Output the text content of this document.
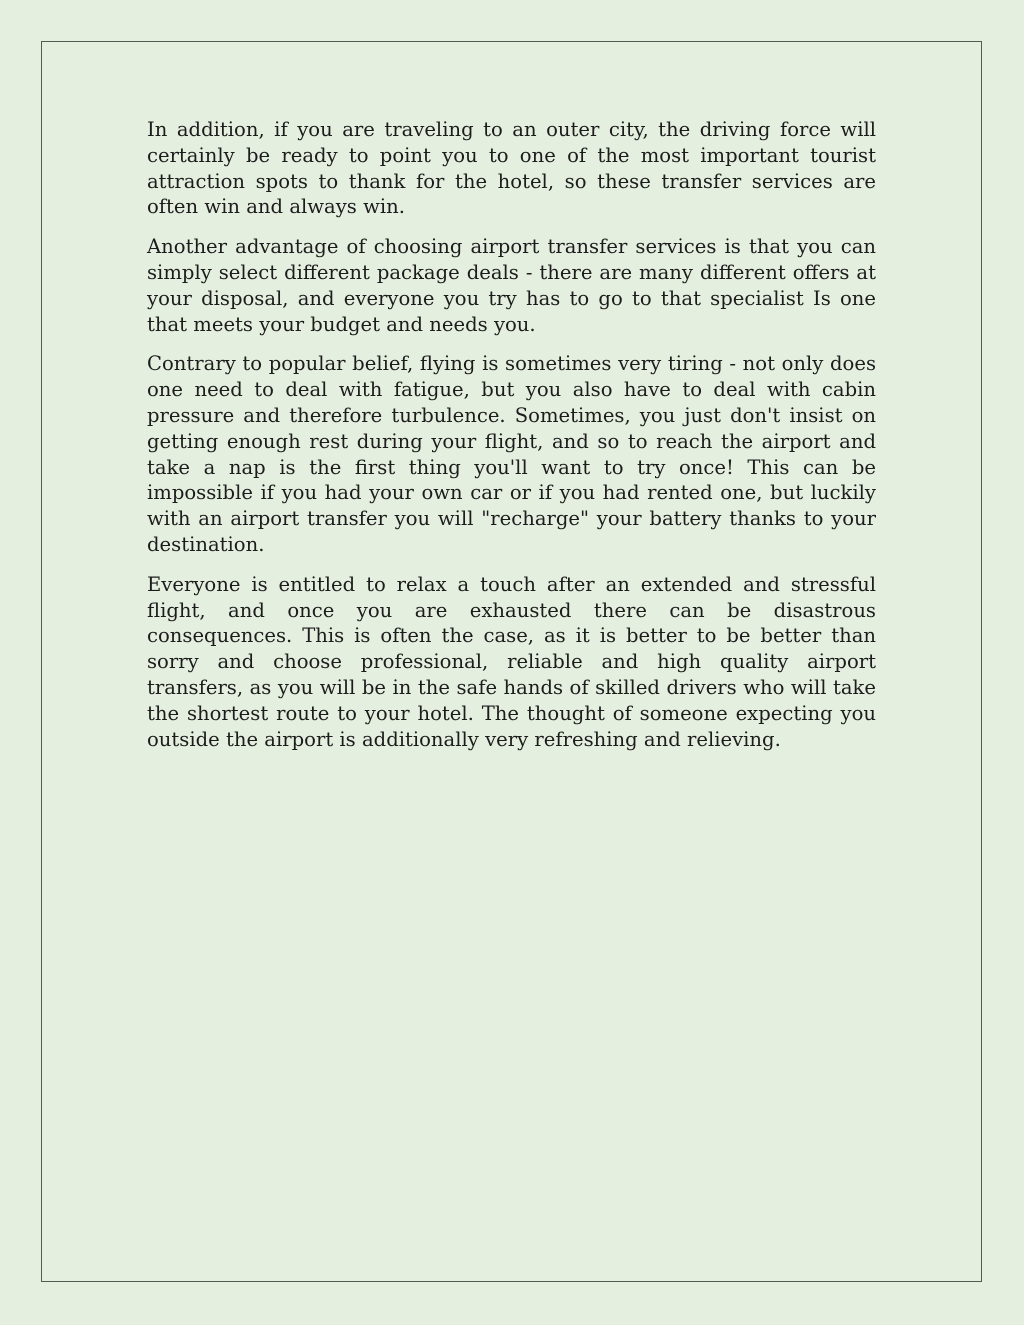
In addition, if you are traveling to an outer city, the driving force will certainly be ready to point you to one of the most important tourist attraction spots to thank for the hotel, so these transfer services are often win and always win.

Another advantage of choosing airport transfer services is that you can simply select different package deals - there are many different offers at your disposal, and everyone you try has to go to that specialist Is one that meets your budget and needs you.

Contrary to popular belief, flying is sometimes very tiring - not only does one need to deal with fatigue, but you also have to deal with cabin pressure and therefore turbulence. Sometimes, you just don't insist on getting enough rest during your flight, and so to reach the airport and take a nap is the first thing you'll want to try once! This can be impossible if you had your own car or if you had rented one, but luckily with an airport transfer you will "recharge" your battery thanks to your destination.

Everyone is entitled to relax a touch after an extended and stressful flight, and once you are exhausted there can be disastrous consequences. This is often the case, as it is better to be better than sorry and choose professional, reliable and high quality airport transfers, as you will be in the safe hands of skilled drivers who will take the shortest route to your hotel. The thought of someone expecting you outside the airport is additionally very refreshing and relieving.
